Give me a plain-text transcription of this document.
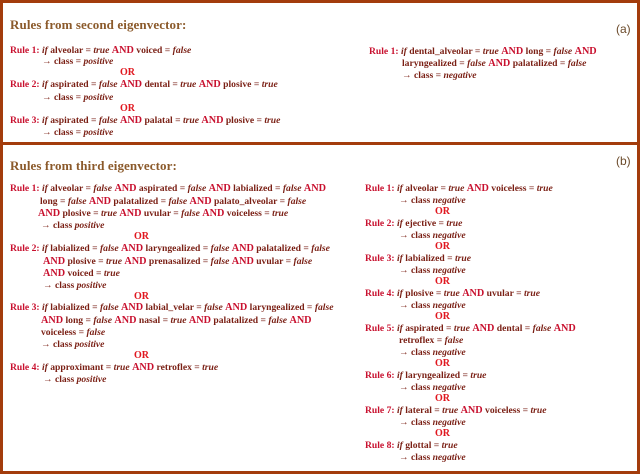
Rules from second eigenvector:	(a)
Rule 1: if alveolar = true AND voiced = false
→ class = positive
OR
Rule 2: if aspirated = false AND dental = true AND plosive = true
→ class = positive
OR
Rule 3: if aspirated = false AND palatal = true AND plosive = true
→ class = positive
Rule 1: if dental_alveolar = true AND long = false AND
laryngealized = false AND palatalized = false
→ class = negative
Rules from third eigenvector:	(b)
Rule 1: if alveolar = false AND aspirated = false AND labialized = false AND
long = false AND palatalized = false AND palato_alveolar = false
AND plosive = true AND uvular = false AND voiceless = true
→ class positive
OR
Rule 2: if labialized = false AND laryngealized = false AND palatalized = false
AND plosive = true AND prenasalized = false AND uvular = false
AND voiced = true
→ class positive
OR
Rule 3: if labialized = false AND labial_velar = false AND laryngealized = false
AND long = false AND nasal = true AND palatalized = false AND
voiceless = false
→ class positive
OR
Rule 4: if approximant = true AND retroflex = true
→ class positive
Rule 1: if alveolar = true AND voiceless = true
→ class negative
OR
Rule 2: if ejective = true
→ class negative
OR
Rule 3: if labialized = true
→ class negative
OR
Rule 4: if plosive = true AND uvular = true
→ class negative
OR
Rule 5: if aspirated = true AND dental = false AND
retroflex = false
→ class negative
OR
Rule 6: if laryngealized = true
→ class negative
OR
Rule 7: if lateral = true AND voiceless = true
→ class negative
OR
Rule 8: if glottal = true
→ class negative
